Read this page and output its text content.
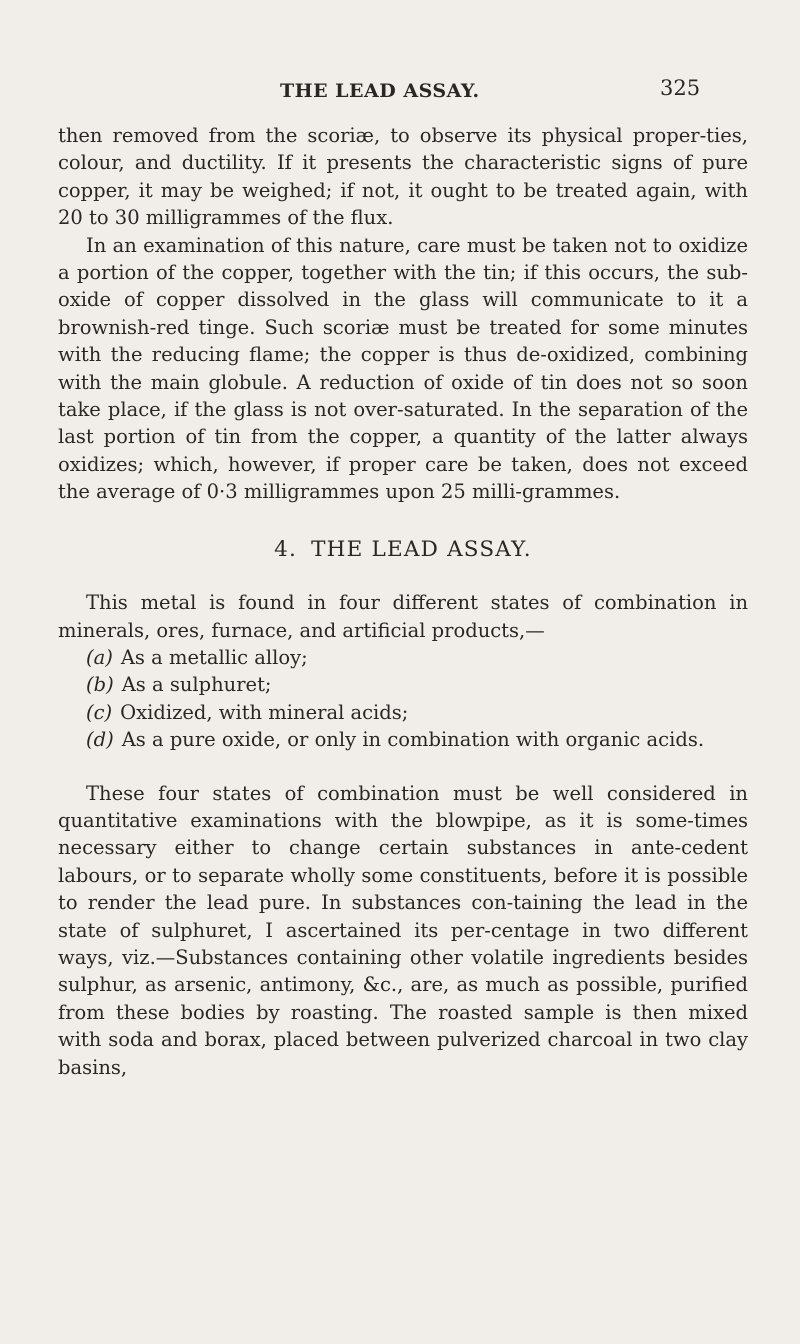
THE LEAD ASSAY.	325

then removed from the scoriæ, to observe its physical proper-ties, colour, and ductility. If it presents the characteristic signs of pure copper, it may be weighed; if not, it ought to be treated again, with 20 to 30 milligrammes of the flux.

In an examination of this nature, care must be taken not to oxidize a portion of the copper, together with the tin; if this occurs, the sub-oxide of copper dissolved in the glass will communicate to it a brownish-red tinge. Such scoriæ must be treated for some minutes with the reducing flame; the copper is thus de-oxidized, combining with the main globule. A reduction of oxide of tin does not so soon take place, if the glass is not over-saturated. In the separation of the last portion of tin from the copper, a quantity of the latter always oxidizes; which, however, if proper care be taken, does not exceed the average of 0·3 milligrammes upon 25 milli-grammes.

4. THE LEAD ASSAY.

This metal is found in four different states of combination in minerals, ores, furnace, and artificial products,—

(a) As a metallic alloy;

(b) As a sulphuret;

(c) Oxidized, with mineral acids;

(d) As a pure oxide, or only in combination with organic acids.

These four states of combination must be well considered in quantitative examinations with the blowpipe, as it is some-times necessary either to change certain substances in ante-cedent labours, or to separate wholly some constituents, before it is possible to render the lead pure. In substances con-taining the lead in the state of sulphuret, I ascertained its per-centage in two different ways, viz.—Substances containing other volatile ingredients besides sulphur, as arsenic, antimony, &c., are, as much as possible, purified from these bodies by roasting. The roasted sample is then mixed with soda and borax, placed between pulverized charcoal in two clay basins,
